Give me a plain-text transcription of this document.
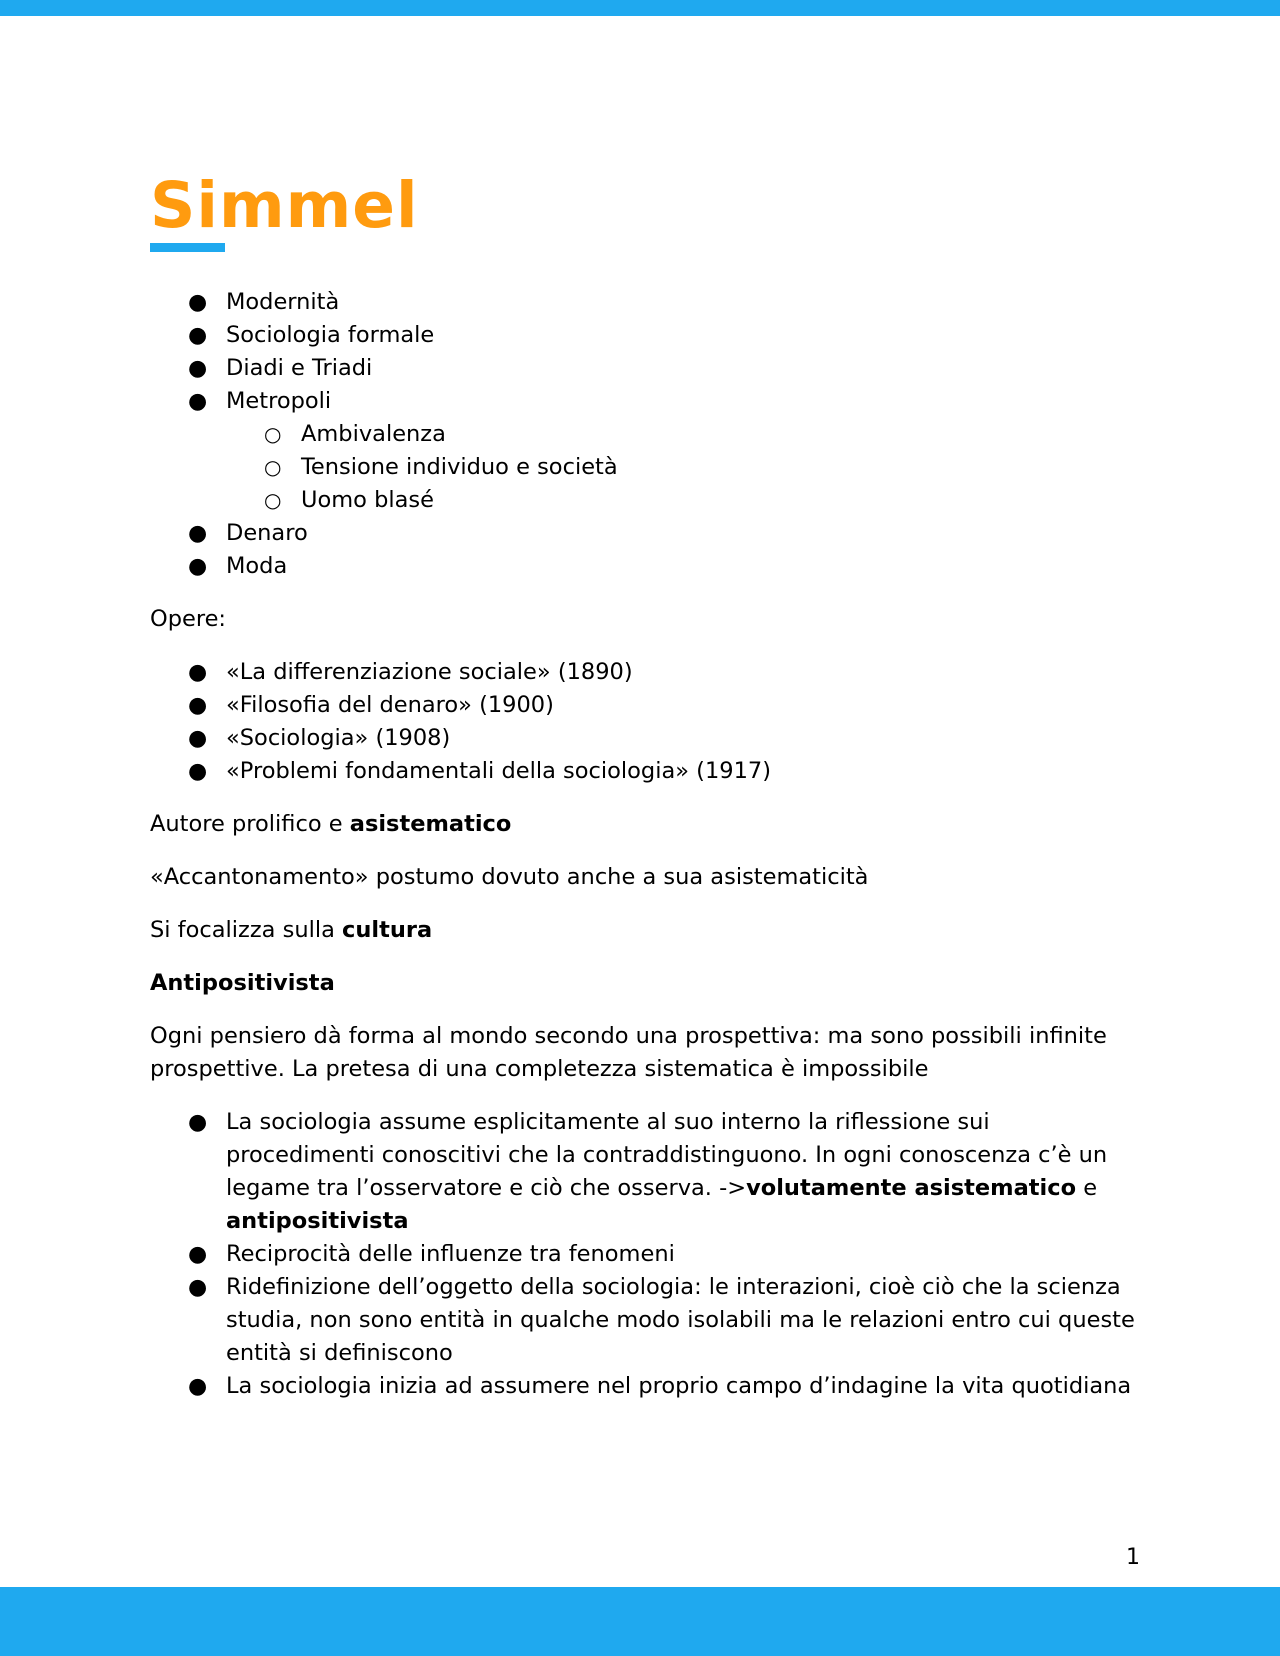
Simmel
● Modernità
● Sociologia formale
● Diadi e Triadi
● Metropoli
○ Ambivalenza
○ Tensione individuo e società
○ Uomo blasé
● Denaro
● Moda

Opere:

● «La differenziazione sociale» (1890)
● «Filosofia del denaro» (1900)
● «Sociologia» (1908)
● «Problemi fondamentali della sociologia» (1917)

Autore prolifico e asistematico

«Accantonamento» postumo dovuto anche a sua asistematicità

Si focalizza sulla cultura

Antipositivista

Ogni pensiero dà forma al mondo secondo una prospettiva: ma sono possibili infinite prospettive. La pretesa di una completezza sistematica è impossibile

● La sociologia assume esplicitamente al suo interno la riflessione sui procedimenti conoscitivi che la contraddistinguono. In ogni conoscenza c’è un legame tra l’osservatore e ciò che osserva. ->volutamente asistematico e antipositivista
● Reciprocità delle influenze tra fenomeni
● Ridefinizione dell’oggetto della sociologia: le interazioni, cioè ciò che la scienza studia, non sono entità in qualche modo isolabili ma le relazioni entro cui queste entità si definiscono
● La sociologia inizia ad assumere nel proprio campo d’indagine la vita quotidiana
1
